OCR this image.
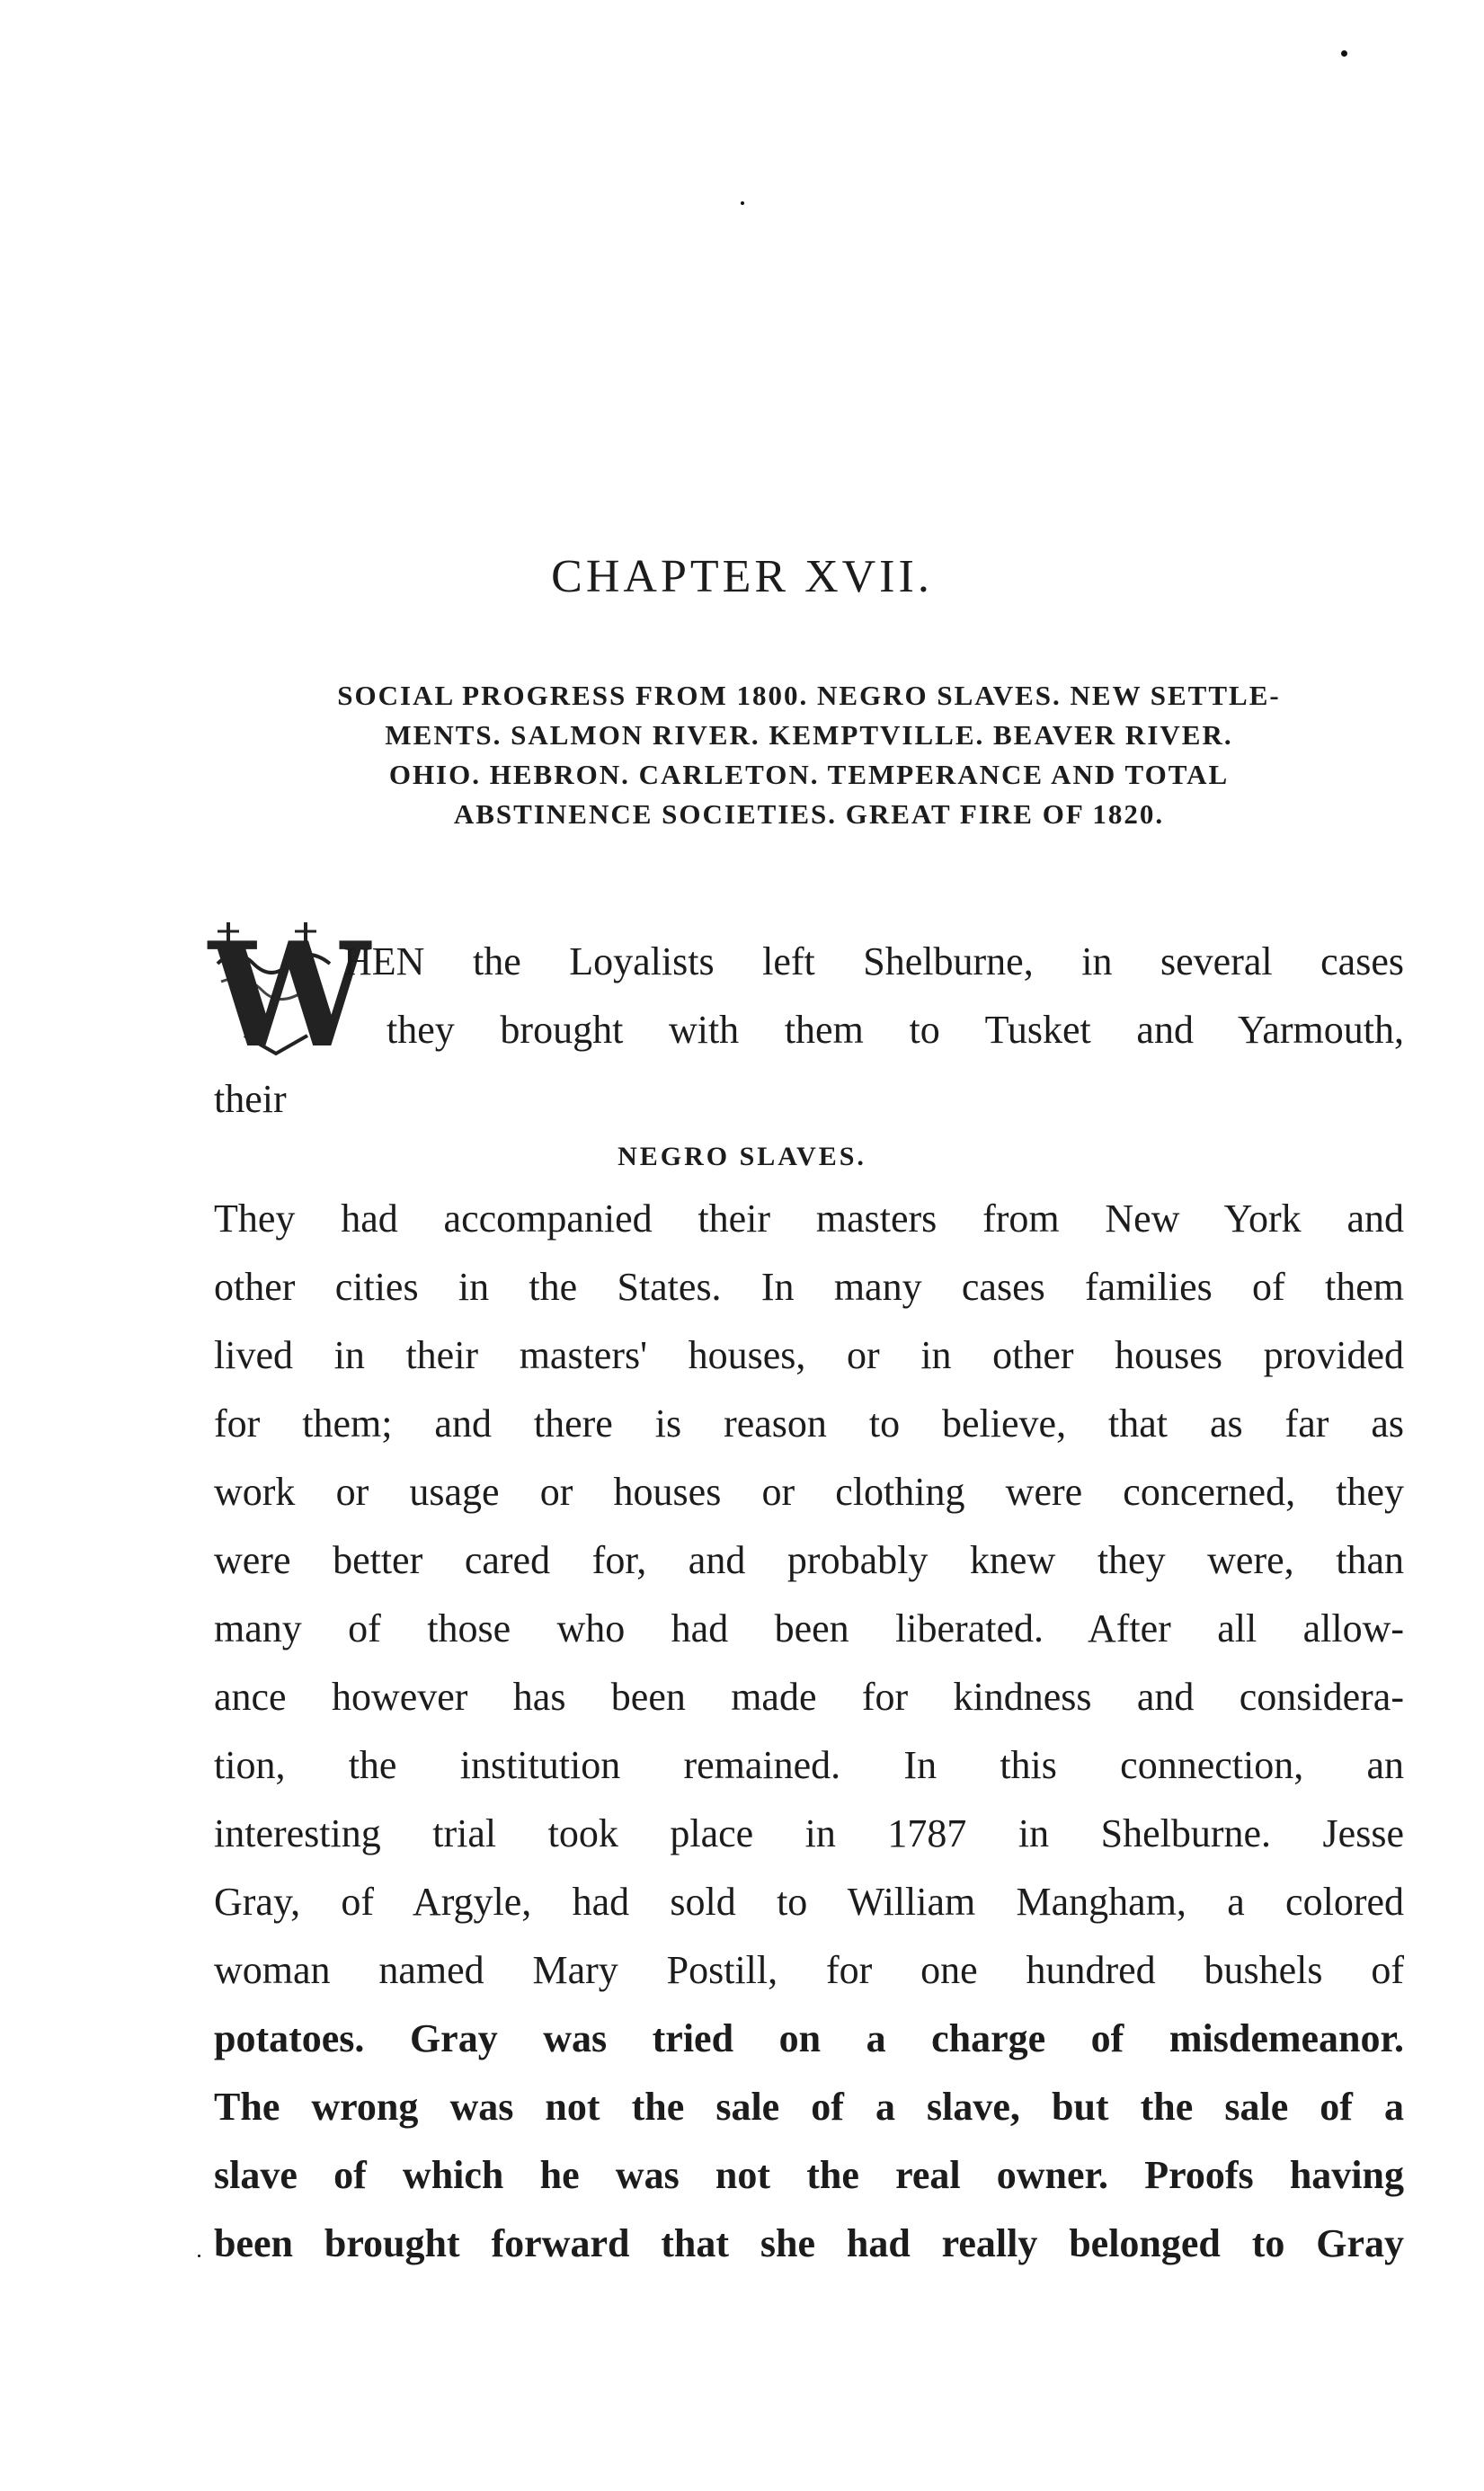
CHAPTER XVII.
SOCIAL PROGRESS FROM 1800. NEGRO SLAVES. NEW SETTLE-
MENTS. SALMON RIVER. KEMPTVILLE. BEAVER RIVER.
OHIO. HEBRON. CARLETON. TEMPERANCE AND TOTAL
ABSTINENCE SOCIETIES. GREAT FIRE OF 1820.
W
HEN the Loyalists left Shelburne, in several cases
they brought with them to Tusket and Yarmouth,
their
NEGRO SLAVES.
They had accompanied their masters from New York and
other cities in the States. In many cases families of them
lived in their masters' houses, or in other houses provided
for them; and there is reason to believe, that as far as
work or usage or houses or clothing were concerned, they
were better cared for, and probably knew they were, than
many of those who had been liberated. After all allow-
ance however has been made for kindness and considera-
tion, the institution remained. In this connection, an
interesting trial took place in 1787 in Shelburne. Jesse
Gray, of Argyle, had sold to William Mangham, a colored
woman named Mary Postill, for one hundred bushels of
potatoes. Gray was tried on a charge of misdemeanor.
The wrong was not the sale of a slave, but the sale of a
slave of which he was not the real owner. Proofs having
been brought forward that she had really belonged to Gray
